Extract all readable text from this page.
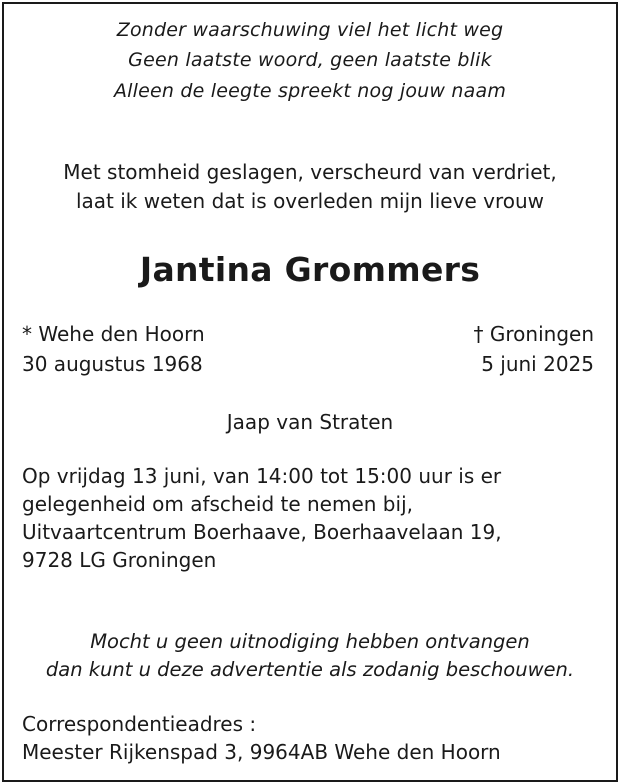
Zonder waarschuwing viel het licht weg
Geen laatste woord, geen laatste blik
Alleen de leegte spreekt nog jouw naam
Met stomheid geslagen, verscheurd van verdriet,
laat ik weten dat is overleden mijn lieve vrouw
Jantina Grommers
* Wehe den Hoorn
30 augustus 1968
† Groningen
5 juni 2025
Jaap van Straten
Op vrijdag 13 juni, van 14:00 tot 15:00 uur is er
gelegenheid om afscheid te nemen bij,
Uitvaartcentrum Boerhaave, Boerhaavelaan 19,
9728 LG Groningen
Mocht u geen uitnodiging hebben ontvangen
dan kunt u deze advertentie als zodanig beschouwen.
Correspondentieadres :
Meester Rijkenspad 3, 9964AB Wehe den Hoorn
